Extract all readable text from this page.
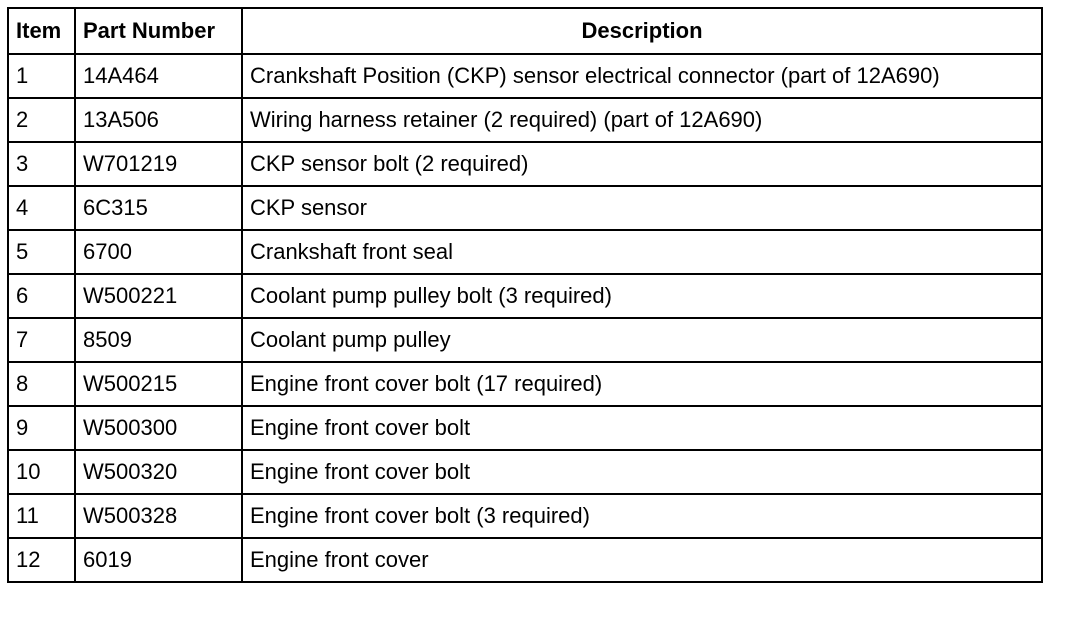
Item	Part Number	Description
1	14A464	Crankshaft Position (CKP) sensor electrical connector (part of 12A690)
2	13A506	Wiring harness retainer (2 required) (part of 12A690)
3	W701219	CKP sensor bolt (2 required)
4	6C315	CKP sensor
5	6700	Crankshaft front seal
6	W500221	Coolant pump pulley bolt (3 required)
7	8509	Coolant pump pulley
8	W500215	Engine front cover bolt (17 required)
9	W500300	Engine front cover bolt
10	W500320	Engine front cover bolt
11	W500328	Engine front cover bolt (3 required)
12	6019	Engine front cover
